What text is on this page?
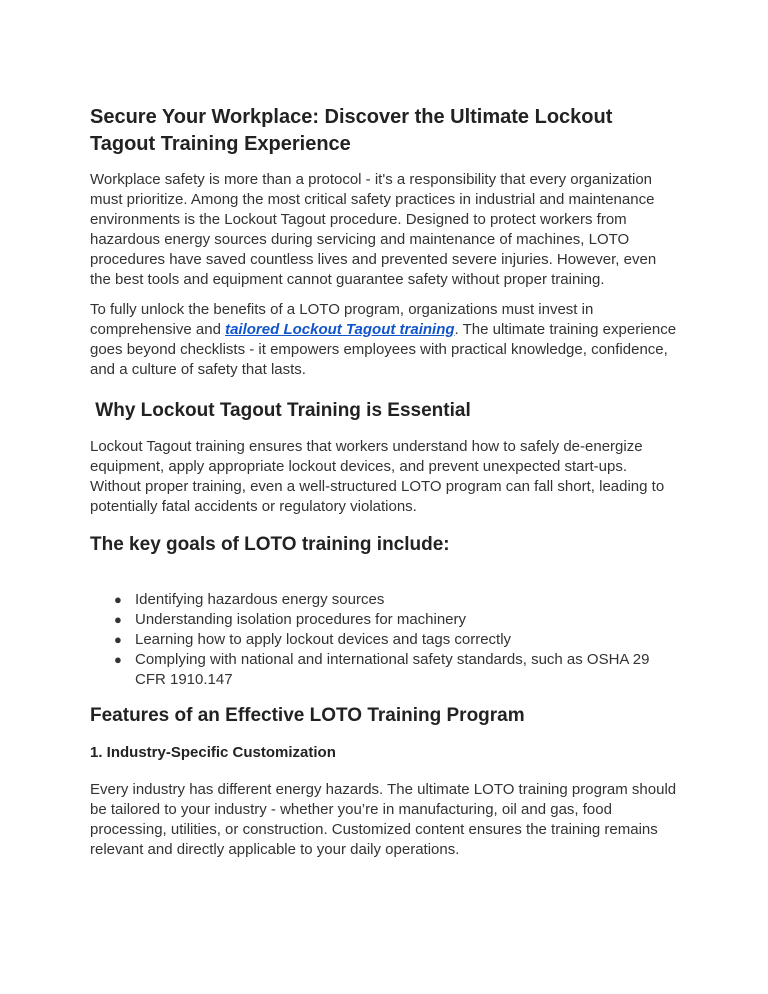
Secure Your Workplace: Discover the Ultimate Lockout Tagout Training Experience

Workplace safety is more than a protocol - it's a responsibility that every organization must prioritize. Among the most critical safety practices in industrial and maintenance environments is the Lockout Tagout procedure. Designed to protect workers from hazardous energy sources during servicing and maintenance of machines, LOTO procedures have saved countless lives and prevented severe injuries. However, even the best tools and equipment cannot guarantee safety without proper training.

To fully unlock the benefits of a LOTO program, organizations must invest in comprehensive and tailored Lockout Tagout training. The ultimate training experience goes beyond checklists - it empowers employees with practical knowledge, confidence, and a culture of safety that lasts.

Why Lockout Tagout Training is Essential

Lockout Tagout training ensures that workers understand how to safely de-energize equipment, apply appropriate lockout devices, and prevent unexpected start-ups. Without proper training, even a well-structured LOTO program can fall short, leading to potentially fatal accidents or regulatory violations.

The key goals of LOTO training include:
● Identifying hazardous energy sources
● Understanding isolation procedures for machinery
● Learning how to apply lockout devices and tags correctly
● Complying with national and international safety standards, such as OSHA 29 CFR 1910.147
Features of an Effective LOTO Training Program
1. Industry-Specific Customization

Every industry has different energy hazards. The ultimate LOTO training program should be tailored to your industry - whether you’re in manufacturing, oil and gas, food processing, utilities, or construction. Customized content ensures the training remains relevant and directly applicable to your daily operations.
